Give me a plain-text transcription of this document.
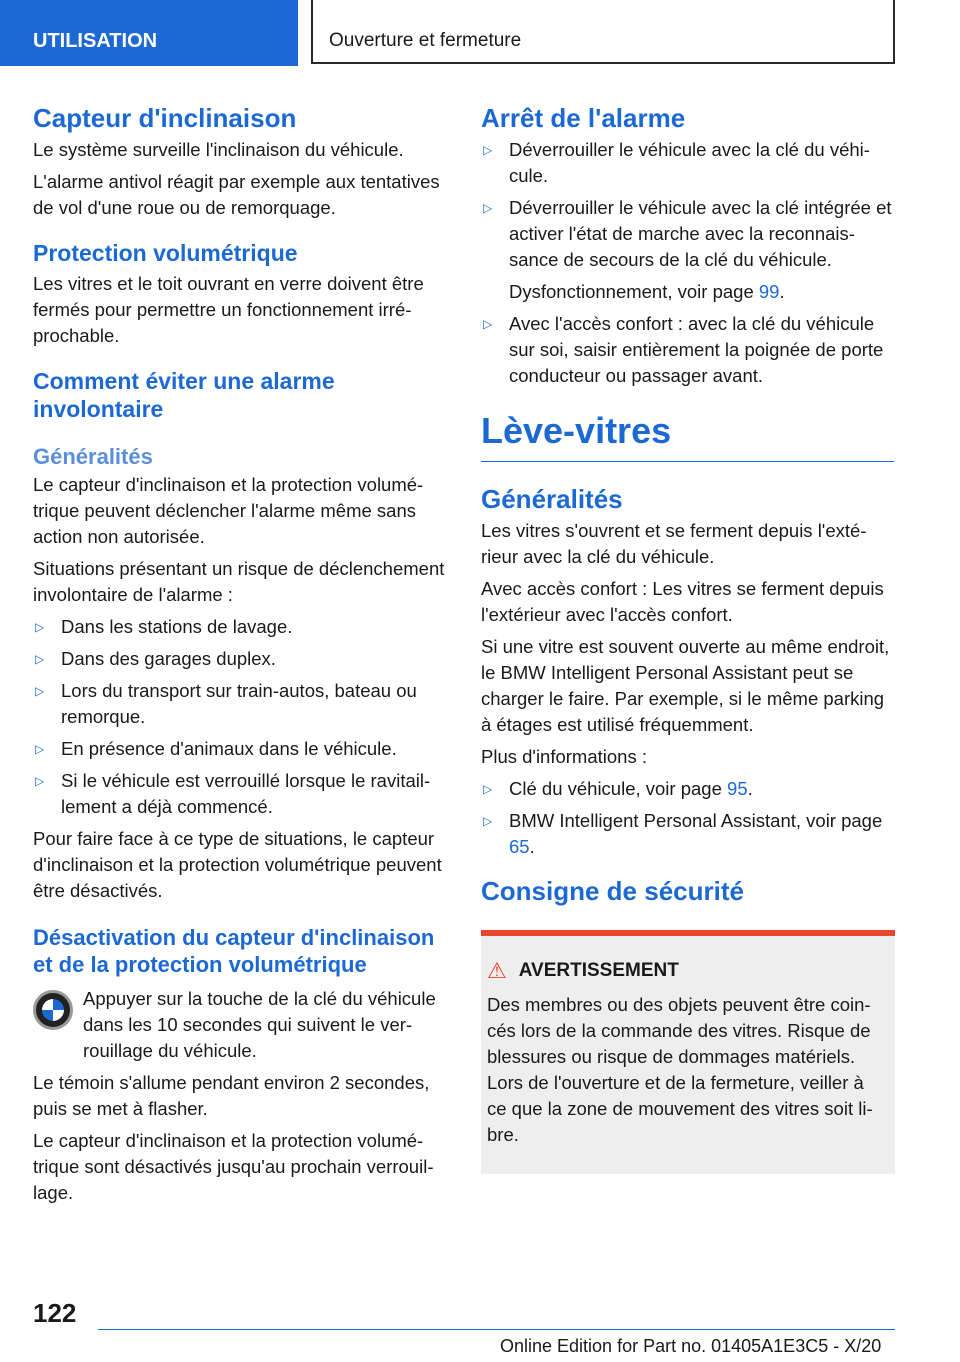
UTILISATION	Ouverture et fermeture
Capteur d'inclinaison

Le système surveille l'inclinaison du véhicule.

L'alarme antivol réagit par exemple aux tentatives de vol d'une roue ou de remorquage.

Protection volumétrique

Les vitres et le toit ouvrant en verre doivent être fermés pour permettre un fonctionnement irréprochable.

Comment éviter une alarme involontaire
Généralités

Le capteur d'inclinaison et la protection volumétrique peuvent déclencher l'alarme même sans action non autorisée.

Situations présentant un risque de déclenchement involontaire de l'alarme :

▷ Dans les stations de lavage.
▷ Dans des garages duplex.
▷ Lors du transport sur train-autos, bateau ou remorque.
▷ En présence d'animaux dans le véhicule.
▷ Si le véhicule est verrouillé lorsque le ravitaillement a déjà commencé.

Pour faire face à ce type de situations, le capteur d'inclinaison et la protection volumétrique peuvent être désactivés.

Désactivation du capteur d'inclinaison et de la protection volumétrique

Appuyer sur la touche de la clé du véhicule dans les 10 secondes qui suivent le verrouillage du véhicule.

Le témoin s'allume pendant environ 2 secondes, puis se met à flasher.

Le capteur d'inclinaison et la protection volumétrique sont désactivés jusqu'au prochain verrouillage.

Arrêt de l'alarme
▷ Déverrouiller le véhicule avec la clé du véhicule.
▷ Déverrouiller le véhicule avec la clé intégrée et activer l'état de marche avec la reconnaissance de secours de la clé du véhicule.

Dysfonctionnement, voir page 99.

▷ Avec l'accès confort : avec la clé du véhicule sur soi, saisir entièrement la poignée de porte conducteur ou passager avant.
Lève-vitres
Généralités

Les vitres s'ouvrent et se ferment depuis l'extérieur avec la clé du véhicule.

Avec accès confort : Les vitres se ferment depuis l'extérieur avec l'accès confort.

Si une vitre est souvent ouverte au même endroit, le BMW Intelligent Personal Assistant peut se charger le faire. Par exemple, si le même parking à étages est utilisé fréquemment.

Plus d'informations :

▷ Clé du véhicule, voir page 95.
▷ BMW Intelligent Personal Assistant, voir page 65.
Consigne de sécurité
⚠ AVERTISSEMENT

Des membres ou des objets peuvent être coincés lors de la commande des vitres. Risque de blessures ou risque de dommages matériels. Lors de l'ouverture et de la fermeture, veiller à ce que la zone de mouvement des vitres soit libre.

122
Online Edition for Part no. 01405A1E3C5 - X/20
